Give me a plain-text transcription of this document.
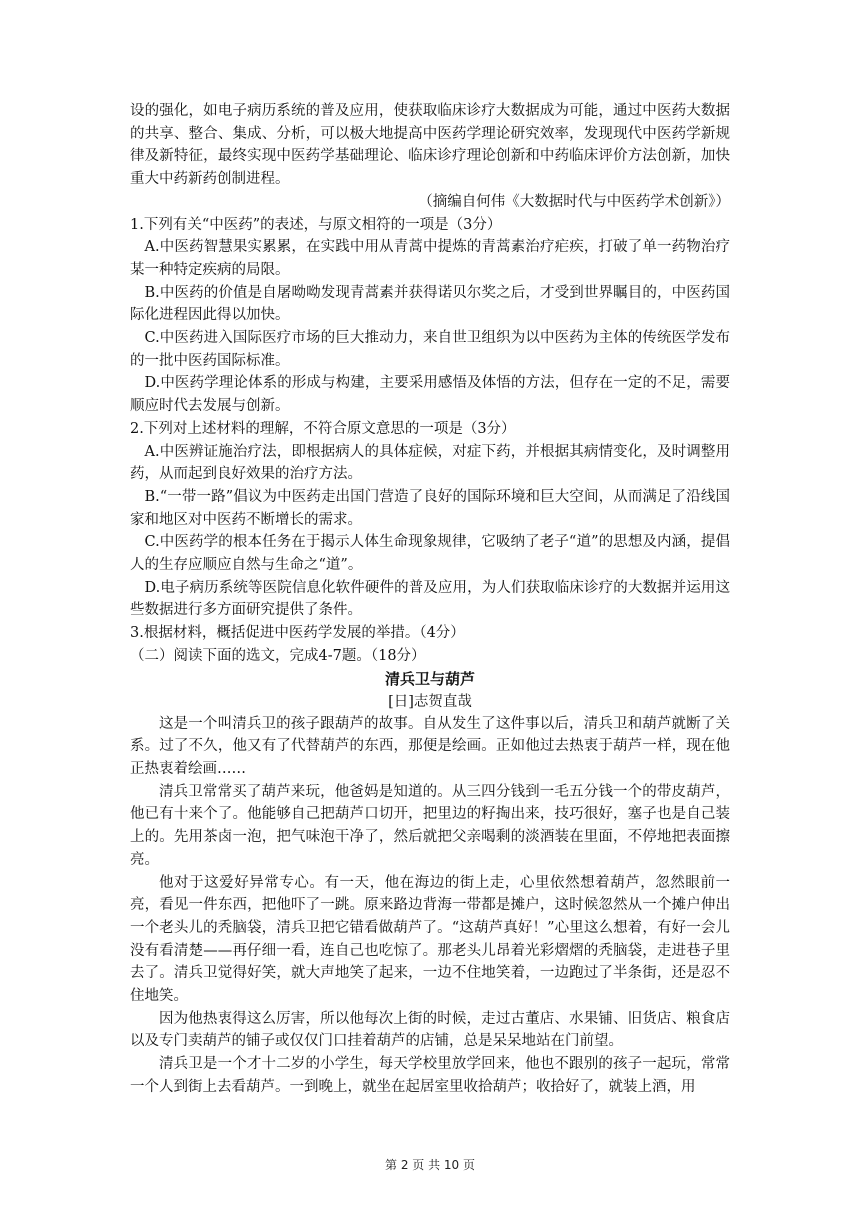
设的强化，如电子病历系统的普及应用，使获取临床诊疗大数据成为可能，通过中医药大数据的共享、整合、集成、分析，可以极大地提高中医药学理论研究效率，发现现代中医药学新规律及新特征，最终实现中医药学基础理论、临床诊疗理论创新和中药临床评价方法创新，加快重大中药新药创制进程。

（摘编自何伟《大数据时代与中医药学术创新》）

1.下列有关“中医药”的表述，与原文相符的一项是（3分）

A.中医药智慧果实累累，在实践中用从青蒿中提炼的青蒿素治疗疟疾，打破了单一药物治疗某一种特定疾病的局限。

B.中医药的价值是自屠呦呦发现青蒿素并获得诺贝尔奖之后，才受到世界瞩目的，中医药国际化进程因此得以加快。

C.中医药进入国际医疗市场的巨大推动力，来自世卫组织为以中医药为主体的传统医学发布的一批中医药国际标准。

D.中医药学理论体系的形成与构建，主要采用感悟及体悟的方法，但存在一定的不足，需要顺应时代去发展与创新。

2.下列对上述材料的理解，不符合原文意思的一项是（3分）

A.中医辨证施治疗法，即根据病人的具体症候，对症下药，并根据其病情变化，及时调整用药，从而起到良好效果的治疗方法。

B.“一带一路”倡议为中医药走出国门营造了良好的国际环境和巨大空间，从而满足了沿线国家和地区对中医药不断增长的需求。

C.中医药学的根本任务在于揭示人体生命现象规律，它吸纳了老子“道”的思想及内涵，提倡人的生存应顺应自然与生命之“道”。

D.电子病历系统等医院信息化软件硬件的普及应用，为人们获取临床诊疗的大数据并运用这些数据进行多方面研究提供了条件。

3.根据材料，概括促进中医药学发展的举措。（4分）

（二）阅读下面的选文，完成4-7题。（18分）

清兵卫与葫芦

[日]志贺直哉

这是一个叫清兵卫的孩子跟葫芦的故事。自从发生了这件事以后，清兵卫和葫芦就断了关系。过了不久，他又有了代替葫芦的东西，那便是绘画。正如他过去热衷于葫芦一样，现在他正热衷着绘画……

清兵卫常常买了葫芦来玩，他爸妈是知道的。从三四分钱到一毛五分钱一个的带皮葫芦，他已有十来个了。他能够自己把葫芦口切开，把里边的籽掏出来，技巧很好，塞子也是自己装上的。先用茶卤一泡，把气味泡干净了，然后就把父亲喝剩的淡酒装在里面，不停地把表面擦亮。

他对于这爱好异常专心。有一天，他在海边的街上走，心里依然想着葫芦，忽然眼前一亮，看见一件东西，把他吓了一跳。原来路边背海一带都是摊户，这时候忽然从一个摊户伸出一个老头儿的秃脑袋，清兵卫把它错看做葫芦了。“这葫芦真好！”心里这么想着，有好一会儿没有看清楚——再仔细一看，连自己也吃惊了。那老头儿昂着光彩熠熠的秃脑袋，走进巷子里去了。清兵卫觉得好笑，就大声地笑了起来，一边不住地笑着，一边跑过了半条街，还是忍不住地笑。

因为他热衷得这么厉害，所以他每次上街的时候，走过古董店、水果铺、旧货店、粮食店以及专门卖葫芦的铺子或仅仅门口挂着葫芦的店铺，总是呆呆地站在门前望。

清兵卫是一个才十二岁的小学生，每天学校里放学回来，他也不跟别的孩子一起玩，常常一个人到街上去看葫芦。一到晚上，就坐在起居室里收拾葫芦；收拾好了，就装上酒，用

第 2 页 共 10 页
